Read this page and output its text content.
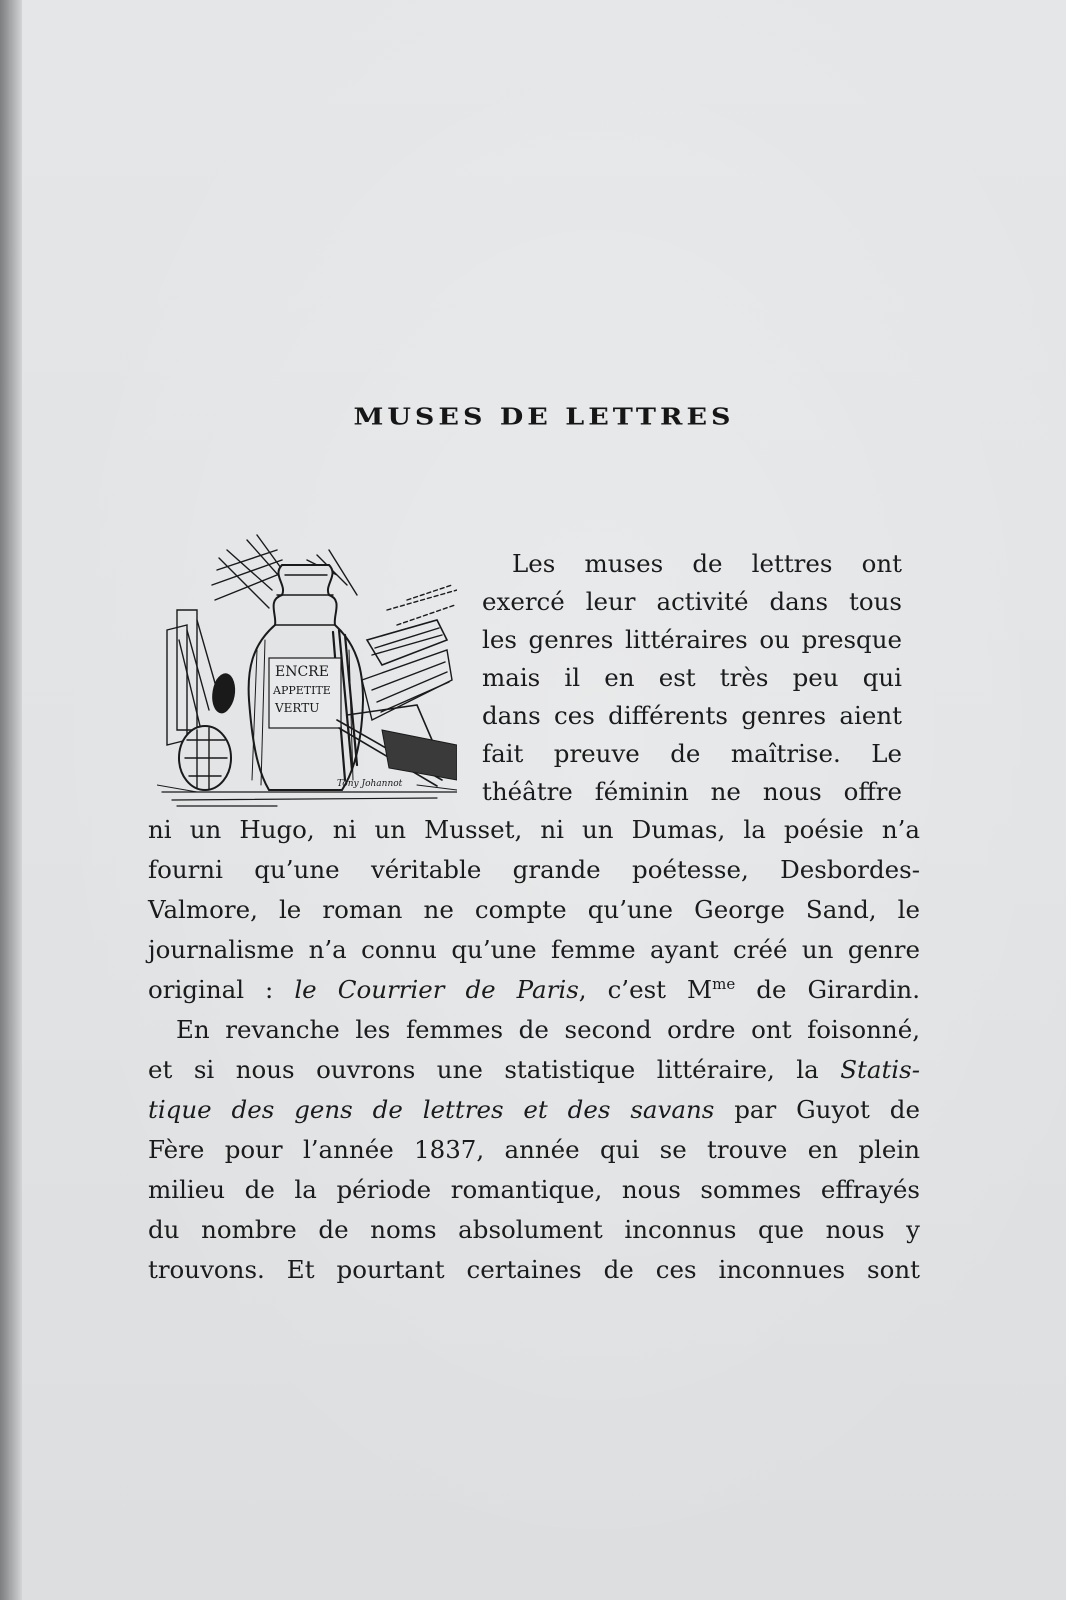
MUSES DE LETTRES
ENCRE
APPETITE
VERTU
Tony Johannot
Les muses de lettres ont
exercé leur activité dans tous
les genres littéraires ou presque
mais il en est très peu qui
dans ces différents genres aient
fait preuve de maîtrise. Le
théâtre féminin ne nous offre
ni un Hugo, ni un Musset, ni un Dumas, la poésie n’a
fourni qu’une véritable grande poétesse, Desbordes-
Valmore, le roman ne compte qu’une George Sand, le
journalisme n’a connu qu’une femme ayant créé un genre
original : le Courrier de Paris, c’est $M^{me}$ de Girardin.
En revanche les femmes de second ordre ont foisonné,
et si nous ouvrons une statistique littéraire, la Statis-
tique des gens de lettres et des savans par Guyot de
Fère pour l’année 1837, année qui se trouve en plein
milieu de la période romantique, nous sommes effrayés
du nombre de noms absolument inconnus que nous y
trouvons. Et pourtant certaines de ces inconnues sont
